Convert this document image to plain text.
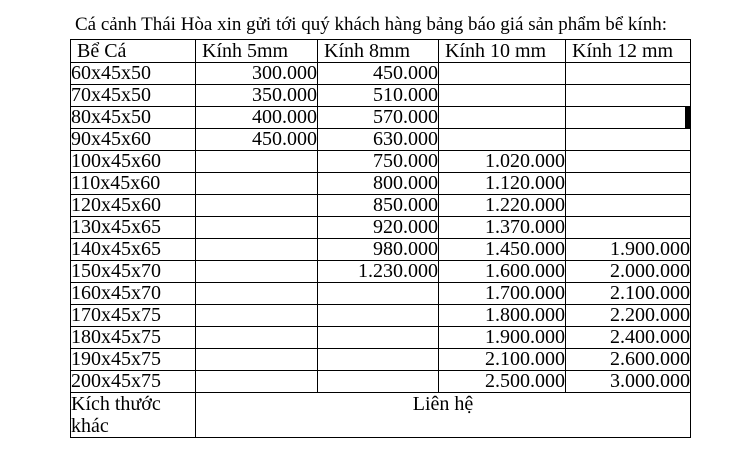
Cá cảnh Thái Hòa xin gửi tới quý khách hàng bảng báo giá sản phẩm bể kính:
Bể Cá	Kính 5mm	Kính 8mm	Kính 10 mm	Kính 12 mm
60x45x50	300.000	450.000		
70x45x50	350.000	510.000		
80x45x50	400.000	570.000		
90x45x60	450.000	630.000		
100x45x60		750.000	1.020.000	
110x45x60		800.000	1.120.000	
120x45x60		850.000	1.220.000	
130x45x65		920.000	1.370.000	
140x45x65		980.000	1.450.000	1.900.000
150x45x70		1.230.000	1.600.000	2.000.000
160x45x70			1.700.000	2.100.000
170x45x75			1.800.000	2.200.000
180x45x75			1.900.000	2.400.000
190x45x75			2.100.000	2.600.000
200x45x75			2.500.000	3.000.000
Kích thước khác	Liên hệ			
